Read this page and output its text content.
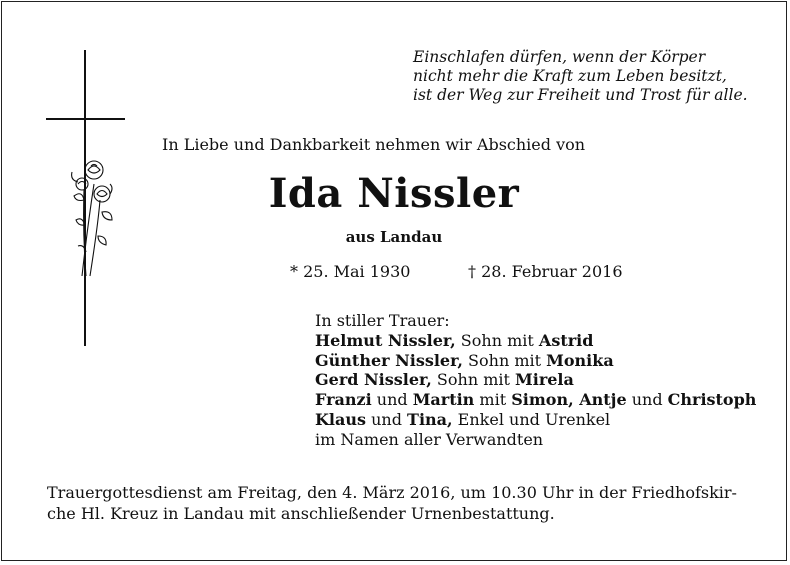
Einschlafen dürfen, wenn der Körper
nicht mehr die Kraft zum Leben besitzt,
ist der Weg zur Freiheit und Trost für alle.
In Liebe und Dankbarkeit nehmen wir Abschied von
Ida Nissler
aus Landau
* 25. Mai 1930	† 28. Februar 2016
In stiller Trauer:
Helmut Nissler, Sohn mit Astrid
Günther Nissler, Sohn mit Monika
Gerd Nissler, Sohn mit Mirela
Franzi und Martin mit Simon, Antje und Christoph
Klaus und Tina, Enkel und Urenkel
im Namen aller Verwandten
Trauergottesdienst am Freitag, den 4. März 2016, um 10.30 Uhr in der Friedhofskir-
che Hl. Kreuz in Landau mit anschließender Urnenbestattung.
